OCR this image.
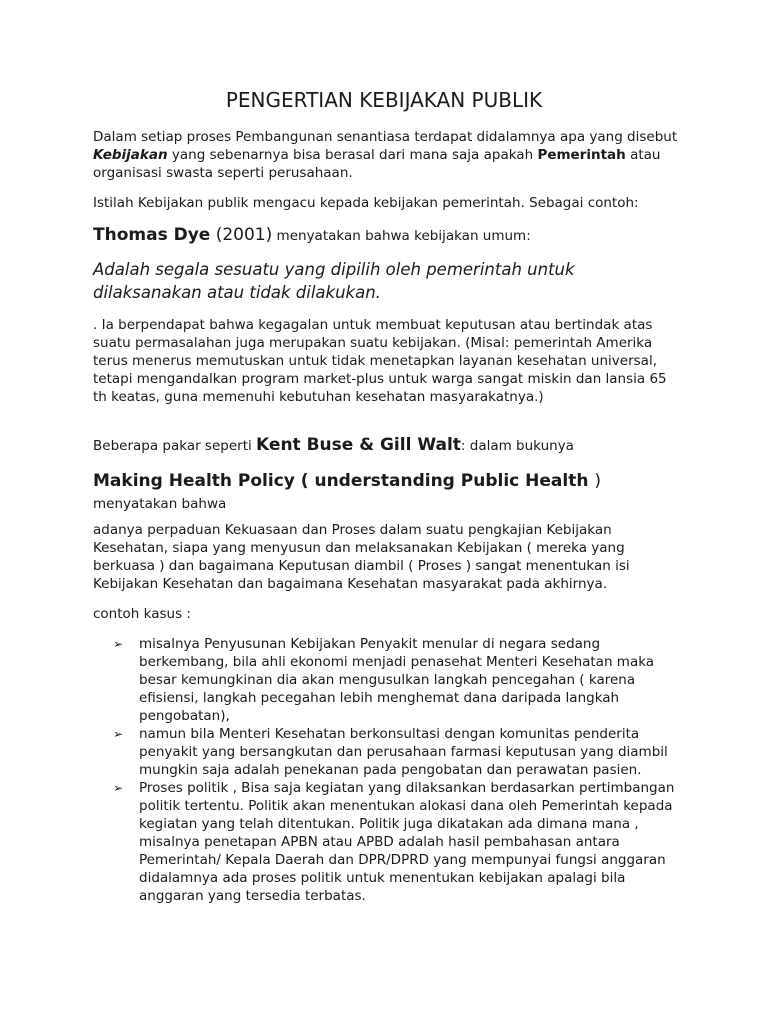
PENGERTIAN KEBIJAKAN PUBLIK

Dalam setiap proses Pembangunan senantiasa terdapat didalamnya apa yang disebut Kebijakan yang sebenarnya bisa berasal dari mana saja apakah Pemerintah atau organisasi swasta seperti perusahaan.

Istilah Kebijakan publik mengacu kepada kebijakan pemerintah. Sebagai contoh:

Thomas Dye (2001) menyatakan bahwa kebijakan umum:

Adalah segala sesuatu yang dipilih oleh pemerintah untuk dilaksanakan atau tidak dilakukan.

. Ia berpendapat bahwa kegagalan untuk membuat keputusan atau bertindak atas suatu permasalahan juga merupakan suatu kebijakan. (Misal: pemerintah Amerika terus menerus memutuskan untuk tidak menetapkan layanan kesehatan universal, tetapi mengandalkan program market-plus untuk warga sangat miskin dan lansia 65 th keatas, guna memenuhi kebutuhan kesehatan masyarakatnya.)

Beberapa pakar seperti Kent Buse & Gill Walt: dalam bukunya

Making Health Policy ( understanding Public Health )
menyatakan bahwa

adanya perpaduan Kekuasaan dan Proses dalam suatu pengkajian Kebijakan Kesehatan, siapa yang menyusun dan melaksanakan Kebijakan ( mereka yang berkuasa ) dan bagaimana Keputusan diambil ( Proses ) sangat menentukan isi Kebijakan Kesehatan dan bagaimana Kesehatan masyarakat pada akhirnya.

contoh kasus :

➢ misalnya Penyusunan Kebijakan Penyakit menular di negara sedang berkembang, bila ahli ekonomi menjadi penasehat Menteri Kesehatan maka besar kemungkinan dia akan mengusulkan langkah pencegahan ( karena efisiensi, langkah pecegahan lebih menghemat dana daripada langkah pengobatan),
➢ namun bila Menteri Kesehatan berkonsultasi dengan komunitas penderita penyakit yang bersangkutan dan perusahaan farmasi keputusan yang diambil mungkin saja adalah penekanan pada pengobatan dan perawatan pasien.
➢ Proses politik , Bisa saja kegiatan yang dilaksankan berdasarkan pertimbangan politik tertentu. Politik akan menentukan alokasi dana oleh Pemerintah kepada kegiatan yang telah ditentukan. Politik juga dikatakan ada dimana mana , misalnya penetapan APBN atau APBD adalah hasil pembahasan antara Pemerintah/ Kepala Daerah dan DPR/DPRD yang mempunyai fungsi anggaran didalamnya ada proses politik untuk menentukan kebijakan apalagi bila anggaran yang tersedia terbatas.
